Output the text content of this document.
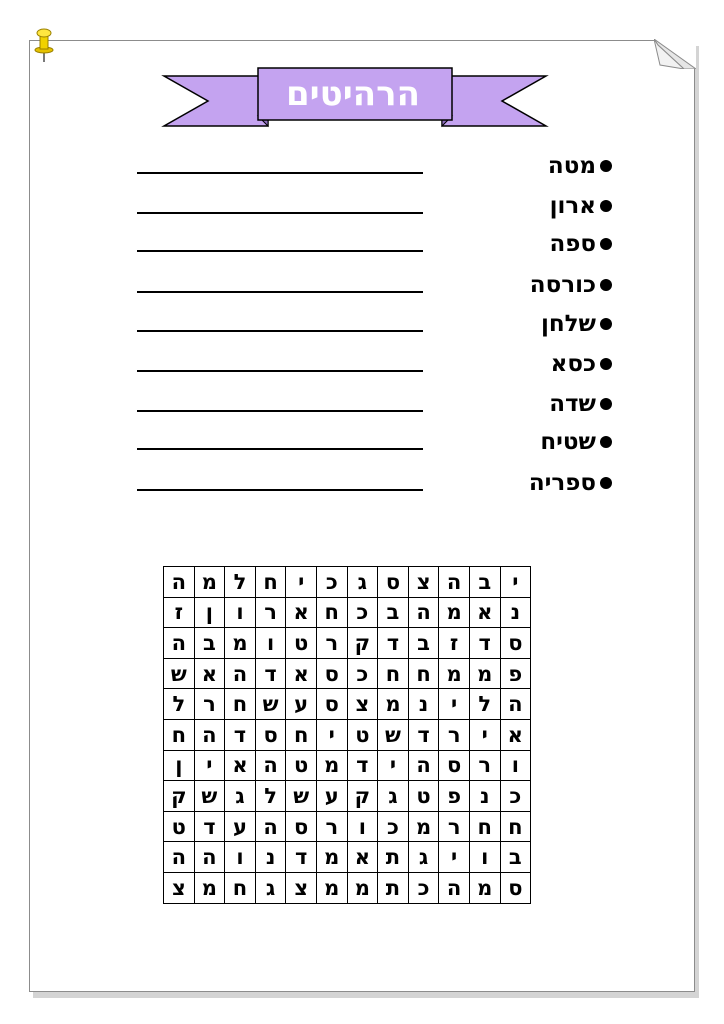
הרהיטים
מטה
ארון
ספה
כורסה
שלחן
כסא
שדה
שטיח
ספריה
י	ב	ה	צ	ס	ג	כ	י	ח	ל	מ	ה
נ	א	מ	ה	ב	כ	ח	א	ר	ו	ן	ז
ס	ד	ז	ב	ד	ק	ר	ט	ו	מ	ב	ה
פ	מ	מ	ח	ח	כ	ס	א	ד	ה	א	ש
ה	ל	י	נ	מ	צ	ס	ע	ש	ח	ר	ל
א	י	ר	ד	ש	ט	י	ח	ס	ד	ה	ח
ו	ר	ס	ה	י	ד	מ	ט	ה	א	י	ן
כ	נ	פ	ט	ג	ק	ע	ש	ל	ג	ש	ק
ח	ח	ר	מ	כ	ו	ר	ס	ה	ע	ד	ט
ב	ו	י	ג	ת	א	מ	ד	נ	ו	ה	ה
ס	מ	ה	כ	ת	מ	מ	צ	ג	ח	מ	צ
